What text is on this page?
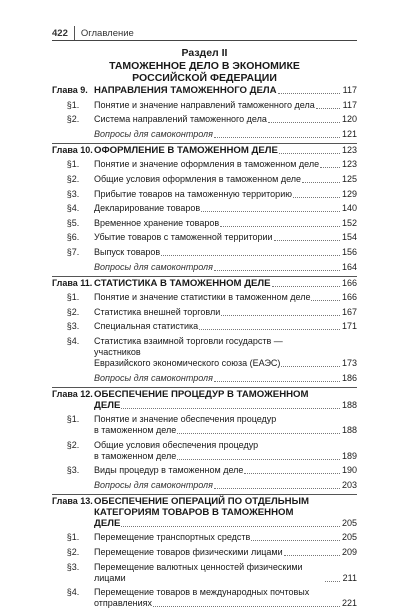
422 Оглавление
Раздел II
ТАМОЖЕННОЕ ДЕЛО В ЭКОНОМИКЕ
РОССИЙСКОЙ ФЕДЕРАЦИИ
Глава 9. НАПРАВЛЕНИЯ ТАМОЖЕННОГО ДЕЛА	117
§1.	Понятие и значение направлений таможенного дела	117
§2.	Система направлений таможенного дела	120
Вопросы для самоконтроля	121
Глава 10. ОФОРМЛЕНИЕ В ТАМОЖЕННОМ ДЕЛЕ	123
§1.	Понятие и значение оформления в таможенном деле	123
§2.	Общие условия оформления в таможенном деле	125
§3.	Прибытие товаров на таможенную территорию	129
§4.	Декларирование товаров	140
§5.	Временное хранение товаров	152
§6.	Убытие товаров с таможенной территории	154
§7.	Выпуск товаров	156
Вопросы для самоконтроля	164
Глава 11. СТАТИСТИКА В ТАМОЖЕННОМ ДЕЛЕ	166
§1.	Понятие и значение статистики в таможенном деле	166
§2.	Статистика внешней торговли	167
§3.	Специальная статистика	171
§4.	Статистика взаимной торговли государств — участников
Евразийского экономического союза (ЕАЭС)	173
Вопросы для самоконтроля	186
Глава 12. ОБЕСПЕЧЕНИЕ ПРОЦЕДУР В ТАМОЖЕННОМ
ДЕЛЕ	188
§1.	Понятие и значение обеспечения процедур
в таможенном деле	188
§2.	Общие условия обеспечения процедур
в таможенном деле	189
§3.	Виды процедур в таможенном деле	190
Вопросы для самоконтроля	203
Глава 13. ОБЕСПЕЧЕНИЕ ОПЕРАЦИЙ ПО ОТДЕЛЬНЫМ
КАТЕГОРИЯМ ТОВАРОВ В ТАМОЖЕННОМ
ДЕЛЕ	205
§1.	Перемещение транспортных средств	205
§2.	Перемещение товаров физическими лицами	209
§3.	Перемещение валютных ценностей физическими лицами	211
§4.	Перемещение товаров в международных почтовых
отправлениях	221
